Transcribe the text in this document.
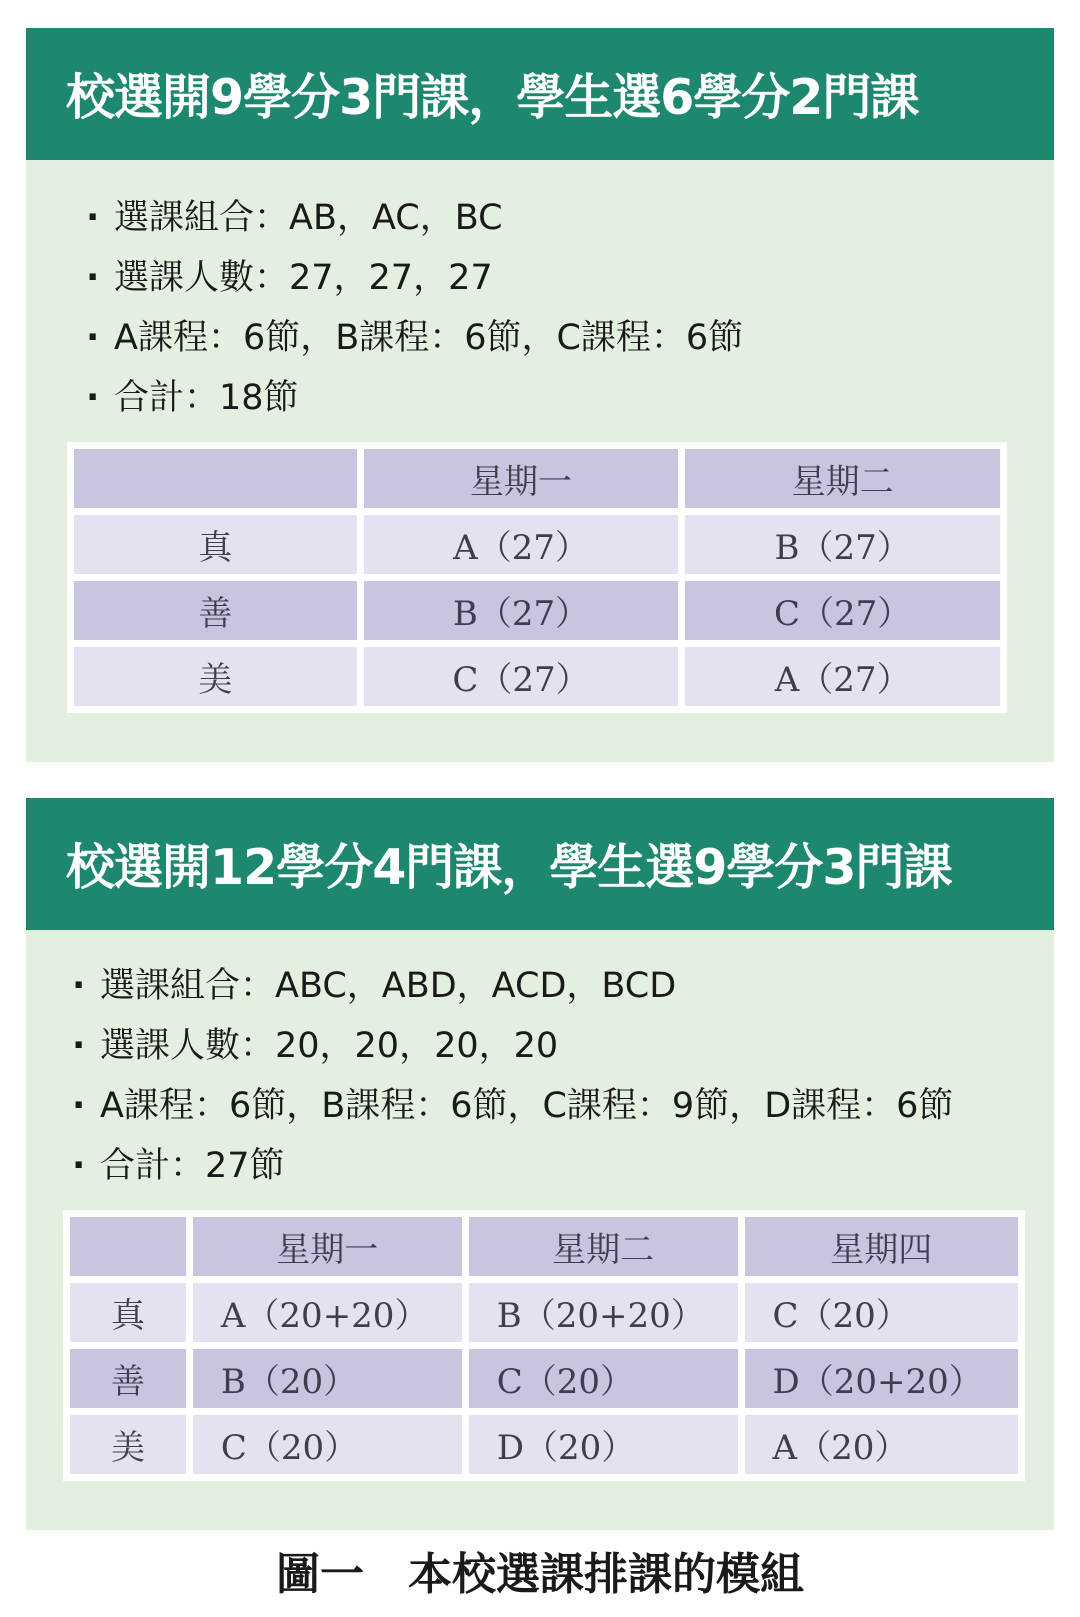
校選開9學分3門課，學生選6學分2門課
· 選課組合：AB，AC，BC
· 選課人數：27，27，27
· A課程：6節，B課程：6節，C課程：6節
· 合計：18節
	星期一	星期二
真	A（27）	B（27）
善	B（27）	C（27）
美	C（27）	A（27）
校選開12學分4門課，學生選9學分3門課
· 選課組合：ABC，ABD，ACD，BCD
· 選課人數：20，20，20，20
· A課程：6節，B課程：6節，C課程：9節，D課程：6節
· 合計：27節
	星期一	星期二	星期四
真	A（20+20）	B（20+20）	C（20）
善	B（20）	C（20）	D（20+20）
美	C（20）	D（20）	A（20）
圖一　本校選課排課的模組
